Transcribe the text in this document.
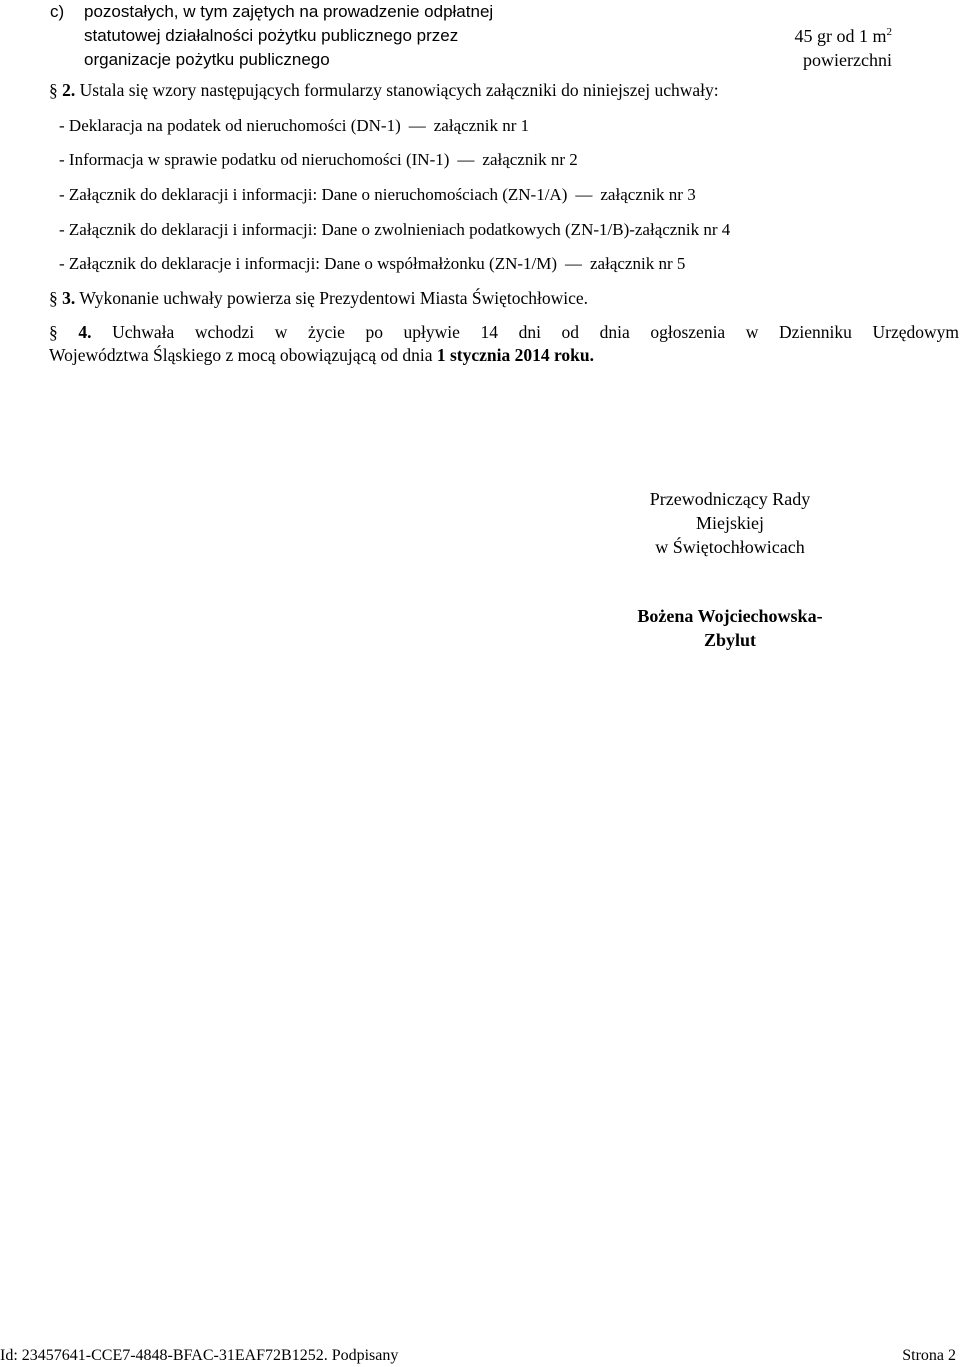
c) pozostałych, w tym zajętych na prowadzenie odpłatnej
statutowej działalności pożytku publicznego przez
organizacje pożytku publicznego
45 gr od 1 $m^2$
powierzchni
§ 2. Ustala się wzory następujących formularzy stanowiących załączniki do niniejszej uchwały:
- Deklaracja na podatek od nieruchomości (DN-1) — załącznik nr 1
- Informacja w sprawie podatku od nieruchomości (IN-1) — załącznik nr 2
- Załącznik do deklaracji i informacji: Dane o nieruchomościach (ZN-1/A) — załącznik nr 3
- Załącznik do deklaracji i informacji: Dane o zwolnieniach podatkowych (ZN-1/B)-załącznik nr 4
- Załącznik do deklaracje i informacji: Dane o współmałżonku (ZN-1/M) — załącznik nr 5
§ 3. Wykonanie uchwały powierza się Prezydentowi Miasta Świętochłowice.
§ 4. Uchwała wchodzi w życie po upływie 14 dni od dnia ogłoszenia w Dzienniku Urzędowym
Województwa Śląskiego z mocą obowiązującą od dnia 1 stycznia 2014 roku.
Przewodniczący Rady
Miejskiej
w Świętochłowicach
Bożena Wojciechowska-
Zbylut
Id: 23457641-CCE7-4848-BFAC-31EAF72B1252. Podpisany	Strona 2
